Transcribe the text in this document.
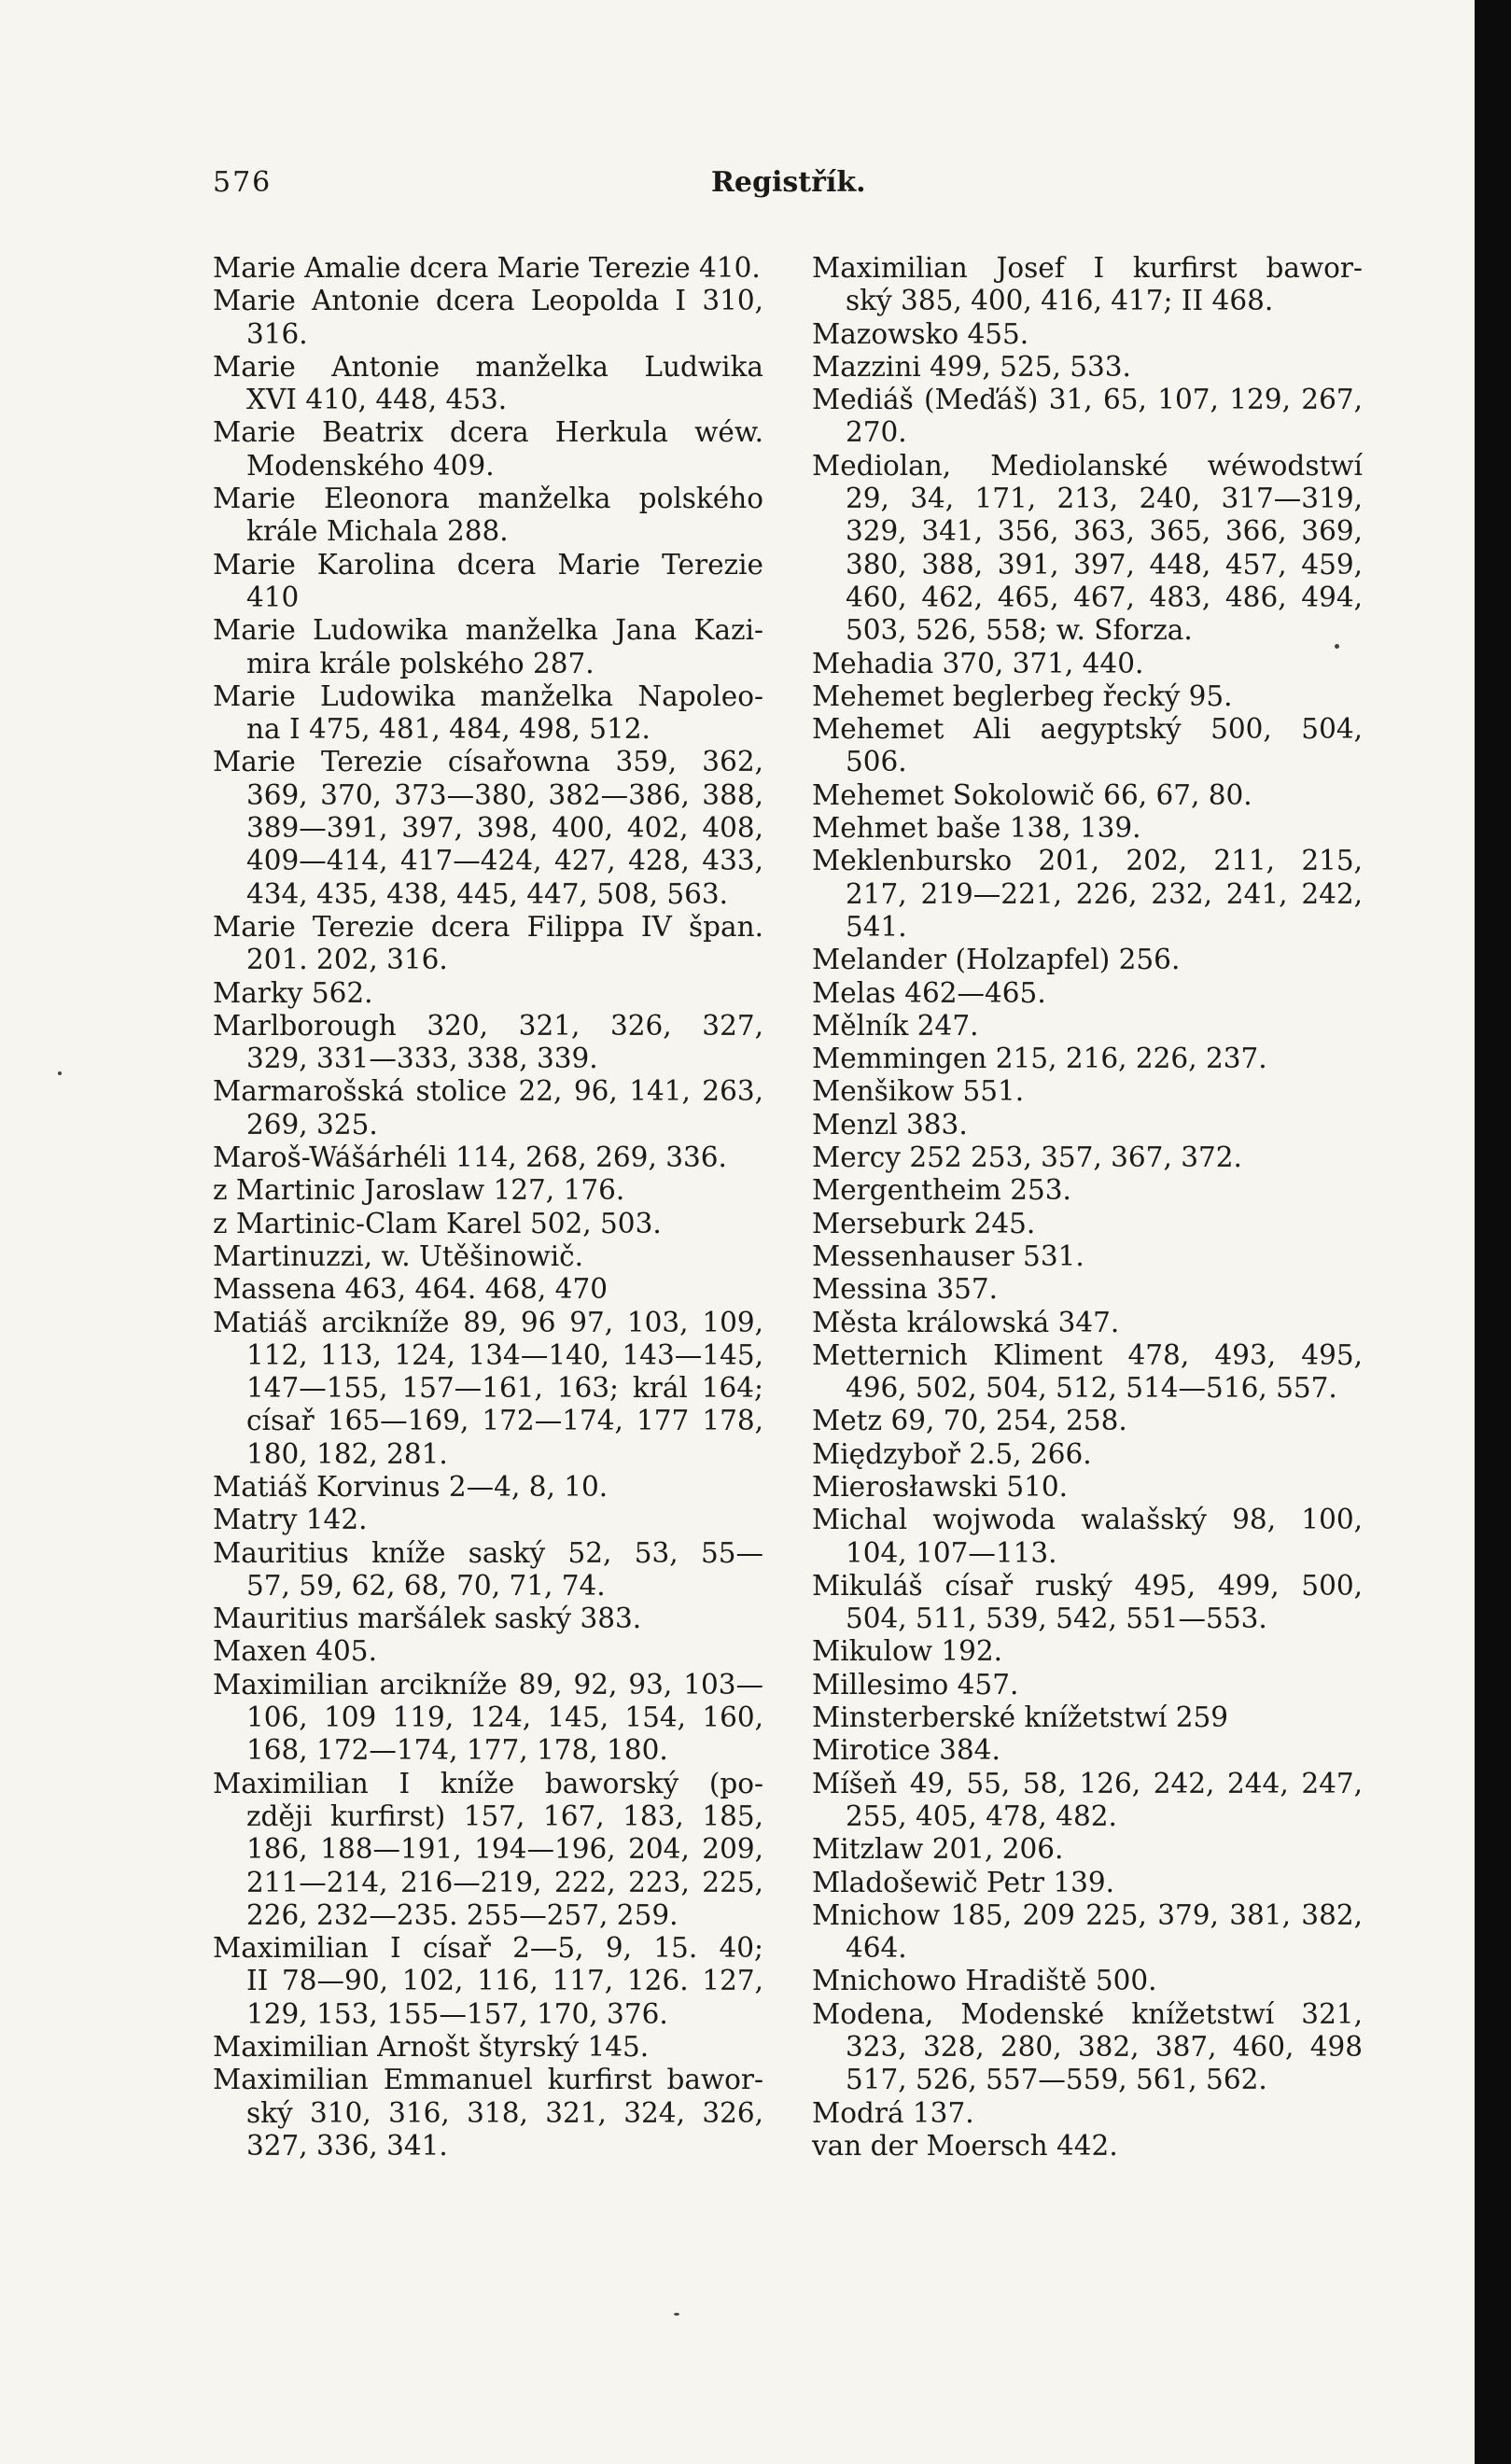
576	Registřík.

Marie Amalie dcera Marie Terezie 410.

Marie Antonie dcera Leopolda I 310,
316.

Marie Antonie manželka Ludwika
XVI 410, 448, 453.

Marie Beatrix dcera Herkula wéw.
Modenského 409.

Marie Eleonora manželka polského
krále Michala 288.

Marie Karolina dcera Marie Terezie
410

Marie Ludowika manželka Jana Kazi-
mira krále polského 287.

Marie Ludowika manželka Napoleo-
na I 475, 481, 484, 498, 512.

Marie Terezie císařowna 359, 362,
369, 370, 373—380, 382—386, 388,
389—391, 397, 398, 400, 402, 408,
409—414, 417—424, 427, 428, 433,
434, 435, 438, 445, 447, 508, 563.

Marie Terezie dcera Filippa IV špan.
201. 202, 316.

Marky 562.

Marlborough 320, 321, 326, 327,
329, 331—333, 338, 339.

Marmarošská stolice 22, 96, 141, 263,
269, 325.

Maroš-Wášárhéli 114, 268, 269, 336.

z Martinic Jaroslaw 127, 176.

z Martinic-Clam Karel 502, 503.

Martinuzzi, w. Utěšinowič.

Massena 463, 464. 468, 470

Matiáš arcikníže 89, 96 97, 103, 109,
112, 113, 124, 134—140, 143—145,
147—155, 157—161, 163; král 164;
císař 165—169, 172—174, 177 178,
180, 182, 281.

Matiáš Korvinus 2—4, 8, 10.

Matry 142.

Mauritius kníže saský 52, 53, 55—
57, 59, 62, 68, 70, 71, 74.

Mauritius maršálek saský 383.

Maxen 405.

Maximilian arcikníže 89, 92, 93, 103—
106, 109 119, 124, 145, 154, 160,
168, 172—174, 177, 178, 180.

Maximilian I kníže baworský (po-
zději kurfirst) 157, 167, 183, 185,
186, 188—191, 194—196, 204, 209,
211—214, 216—219, 222, 223, 225,
226, 232—235. 255—257, 259.

Maximilian I císař 2—5, 9, 15. 40;
II 78—90, 102, 116, 117, 126. 127,
129, 153, 155—157, 170, 376.

Maximilian Arnošt štyrský 145.

Maximilian Emmanuel kurfirst bawor-
ský 310, 316, 318, 321, 324, 326,
327, 336, 341.

Maximilian Josef I kurfirst bawor-
ský 385, 400, 416, 417; II 468.

Mazowsko 455.

Mazzini 499, 525, 533.

Mediáš (Meďáš) 31, 65, 107, 129, 267,
270.

Mediolan, Mediolanské wéwodstwí
29, 34, 171, 213, 240, 317—319,
329, 341, 356, 363, 365, 366, 369,
380, 388, 391, 397, 448, 457, 459,
460, 462, 465, 467, 483, 486, 494,
503, 526, 558; w. Sforza.

Mehadia 370, 371, 440.

Mehemet beglerbeg řecký 95.

Mehemet Ali aegyptský 500, 504,
506.

Mehemet Sokolowič 66, 67, 80.

Mehmet baše 138, 139.

Meklenbursko 201, 202, 211, 215,
217, 219—221, 226, 232, 241, 242,
541.

Melander (Holzapfel) 256.

Melas 462—465.

Mělník 247.

Memmingen 215, 216, 226, 237.

Menšikow 551.

Menzl 383.

Mercy 252 253, 357, 367, 372.

Mergentheim 253.

Merseburk 245.

Messenhauser 531.

Messina 357.

Města králowská 347.

Metternich Kliment 478, 493, 495,
496, 502, 504, 512, 514—516, 557.

Metz 69, 70, 254, 258.

Międzyboř 2.5, 266.

Mierosławski 510.

Michal wojwoda walašský 98, 100,
104, 107—113.

Mikuláš císař ruský 495, 499, 500,
504, 511, 539, 542, 551—553.

Mikulow 192.

Millesimo 457.

Minsterberské knížetstwí 259

Mirotice 384.

Míšeň 49, 55, 58, 126, 242, 244, 247,
255, 405, 478, 482.

Mitzlaw 201, 206.

Mladošewič Petr 139.

Mnichow 185, 209 225, 379, 381, 382,
464.

Mnichowo Hradiště 500.

Modena, Modenské knížetstwí 321,
323, 328, 280, 382, 387, 460, 498
517, 526, 557—559, 561, 562.

Modrá 137.

van der Moersch 442.
